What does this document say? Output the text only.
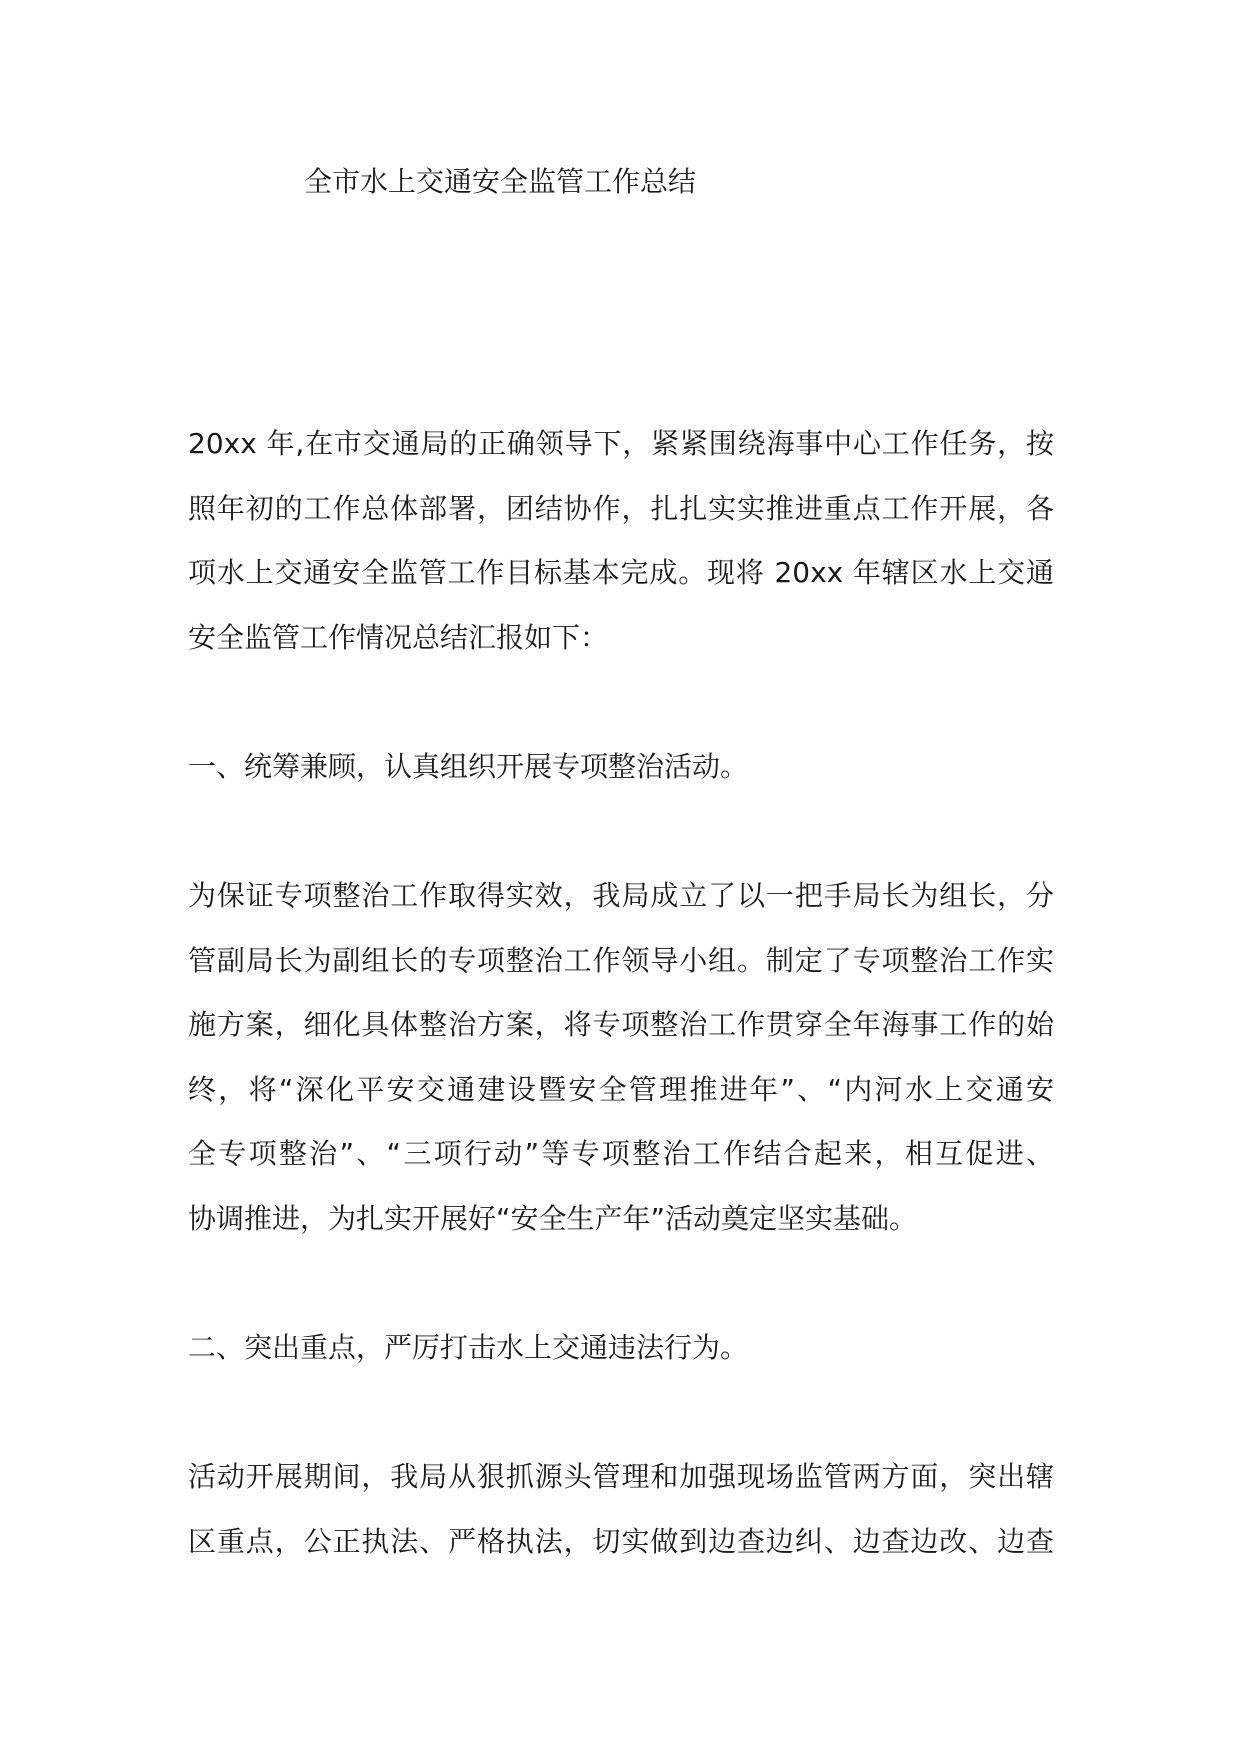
全市水上交通安全监管工作总结
20xx 年,在市交通局的正确领导下，紧紧围绕海事中心工作任务，按
照年初的工作总体部署，团结协作，扎扎实实推进重点工作开展，各
项水上交通安全监管工作目标基本完成。现将 20xx 年辖区水上交通
安全监管工作情况总结汇报如下：
一、统筹兼顾，认真组织开展专项整治活动。
为保证专项整治工作取得实效，我局成立了以一把手局长为组长，分
管副局长为副组长的专项整治工作领导小组。制定了专项整治工作实
施方案，细化具体整治方案，将专项整治工作贯穿全年海事工作的始
终，将“深化平安交通建设暨安全管理推进年”、“内河水上交通安
全专项整治”、“三项行动”等专项整治工作结合起来，相互促进、
协调推进，为扎实开展好“安全生产年”活动奠定坚实基础。
二、突出重点，严厉打击水上交通违法行为。
活动开展期间，我局从狠抓源头管理和加强现场监管两方面，突出辖
区重点，公正执法、严格执法，切实做到边查边纠、边查边改、边查
